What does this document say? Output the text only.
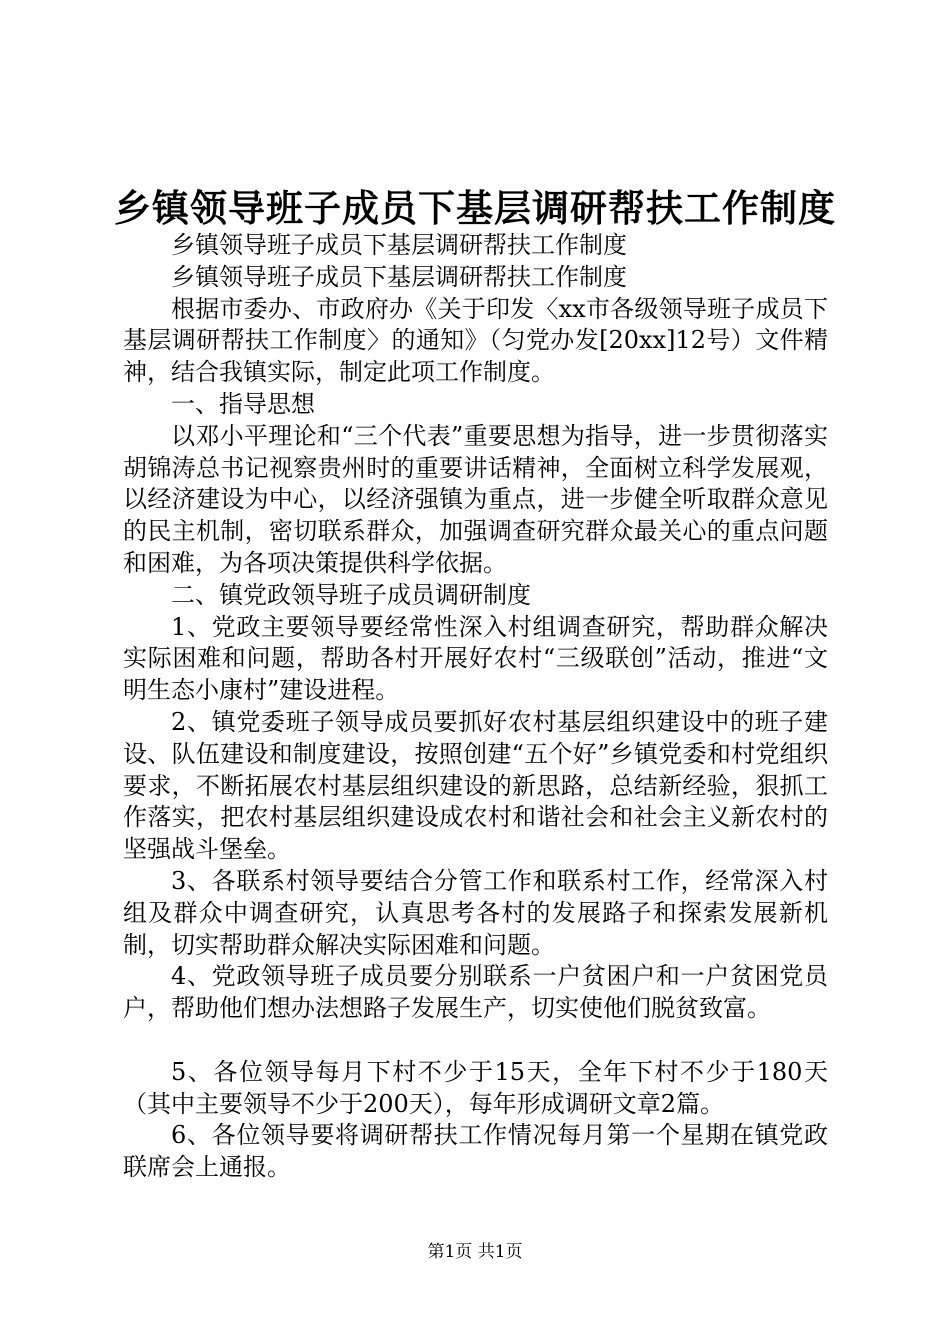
乡镇领导班子成员下基层调研帮扶工作制度

乡镇领导班子成员下基层调研帮扶工作制度

乡镇领导班子成员下基层调研帮扶工作制度

根据市委办、市政府办《关于印发〈xx市各级领导班子成员下基层调研帮扶工作制度〉的通知》（匀党办发[20xx]12号）文件精神，结合我镇实际，制定此项工作制度。

一、指导思想

以邓小平理论和“三个代表”重要思想为指导，进一步贯彻落实胡锦涛总书记视察贵州时的重要讲话精神，全面树立科学发展观，以经济建设为中心，以经济强镇为重点，进一步健全听取群众意见的民主机制，密切联系群众，加强调查研究群众最关心的重点问题和困难，为各项决策提供科学依据。

二、镇党政领导班子成员调研制度

1、党政主要领导要经常性深入村组调查研究，帮助群众解决实际困难和问题，帮助各村开展好农村“三级联创”活动，推进“文明生态小康村”建设进程。

2、镇党委班子领导成员要抓好农村基层组织建设中的班子建设、队伍建设和制度建设，按照创建“五个好”乡镇党委和村党组织要求，不断拓展农村基层组织建设的新思路，总结新经验，狠抓工作落实，把农村基层组织建设成农村和谐社会和社会主义新农村的坚强战斗堡垒。

3、各联系村领导要结合分管工作和联系村工作，经常深入村组及群众中调查研究，认真思考各村的发展路子和探索发展新机制，切实帮助群众解决实际困难和问题。

4、党政领导班子成员要分别联系一户贫困户和一户贫困党员户，帮助他们想办法想路子发展生产，切实使他们脱贫致富。

5、各位领导每月下村不少于15天，全年下村不少于180天（其中主要领导不少于200天），每年形成调研文章2篇。

6、各位领导要将调研帮扶工作情况每月第一个星期在镇党政联席会上通报。

第1页 共1页
